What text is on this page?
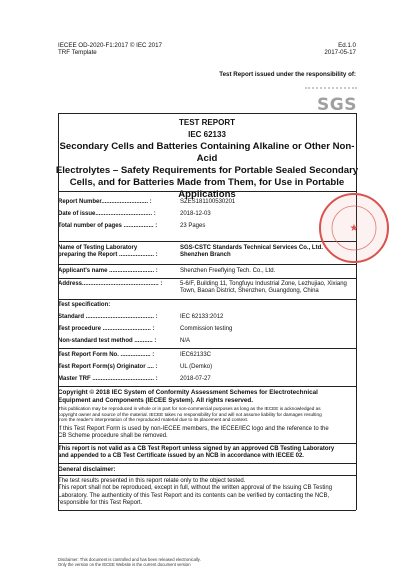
IECEE OD-2020-F1:2017 © IEC 2017
TRF Template
Ed.1.0
2017-05-17
Test Report issued under the responsibility of:
SGS
TEST REPORT
IEC 62133
Secondary Cells and Batteries Containing Alkaline or Other Non-Acid
Electrolytes – Safety Requirements for Portable Sealed Secondary
Cells, and for Batteries Made from Them, for Use in Portable
Applications
Report Number............................ :	SZES181100530201
Date of issue.................................. :	2018-12-03
Total number of pages .................. :	23 Pages
Name of Testing Laboratory
preparing the Report ..................... :
SGS-CSTC Standards Technical Services Co., Ltd.
Shenzhen Branch
Applicant's name ........................... :	Shenzhen Freeflying Tech. Co., Ltd.
Address.............................................. :	5-6/F, Building 11, Tongfuyu Industrial Zone, Lezhujiao, Xixiang
Town, Baoan District, Shenzhen, Guangdong, China
Test specification:
Standard ......................................... :	IEC 62133:2012
Test procedure ............................. :	Commission testing
Non-standard test method ........... :	N/A
Test Report Form No. .................. :	IEC62133C
Test Report Form(s) Originator .... :	UL (Demko)
Master TRF ..................................... :	2018-07-27
Copyright © 2018 IEC System of Conformity Assessment Schemes for Electrotechnical
Equipment and Components (IECEE System). All rights reserved.
This publication may be reproduced in whole or in part for non-commercial purposes as long as the IECEE is acknowledged as
copyright owner and source of the material. IECEE takes no responsibility for and will not assume liability for damages resulting
from the reader's interpretation of the reproduced material due to its placement and context.
If this Test Report Form is used by non-IECEE members, the IECEE/IEC logo and the reference to the
CB Scheme procedure shall be removed.
This report is not valid as a CB Test Report unless signed by an approved CB Testing Laboratory
and appended to a CB Test Certificate issued by an NCB in accordance with IECEE 02.
General disclaimer:
The test results presented in this report relate only to the object tested.
This report shall not be reproduced, except in full, without the written approval of the Issuing CB Testing
Laboratory. The authenticity of this Test Report and its contents can be verified by contacting the NCB,
responsible for this Test Report.
Disclaimer: This document is controlled and has been released electronically.
Only the version on the IECEE Website is the current document version
★
